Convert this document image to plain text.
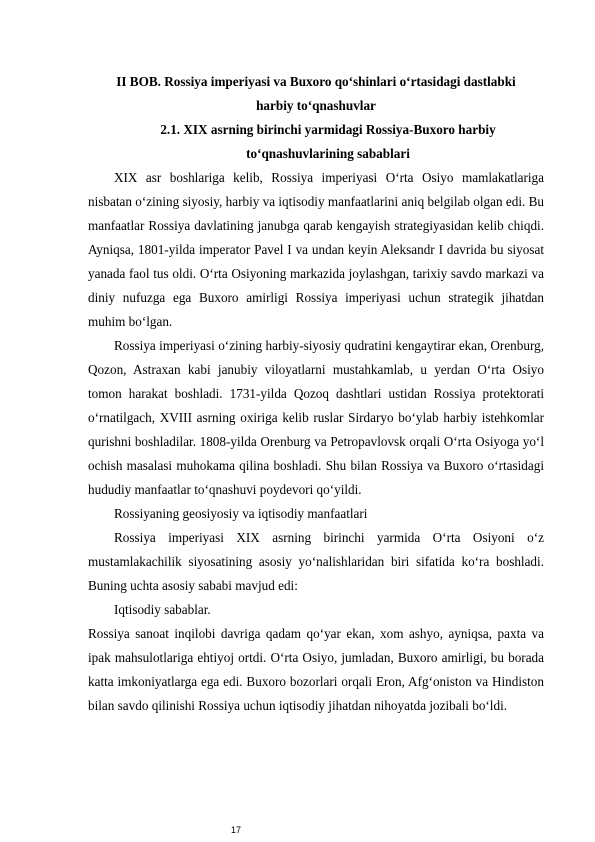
II BOB. Rossiya imperiyasi va Buxoro qo‘shinlari o‘rtasidagi dastlabki harbiy to‘qnashuvlar
2.1. XIX asrning birinchi yarmidagi Rossiya-Buxoro harbiy to‘qnashuvlarining sabablari

XIX asr boshlariga kelib, Rossiya imperiyasi O‘rta Osiyo mamlakatlariga nisbatan o‘zining siyosiy, harbiy va iqtisodiy manfaatlarini aniq belgilab olgan edi. Bu manfaatlar Rossiya davlatining janubga qarab kengayish strategiyasidan kelib chiqdi. Ayniqsa, 1801-yilda imperator Pavel I va undan keyin Aleksandr I davrida bu siyosat yanada faol tus oldi. O‘rta Osiyoning markazida joylashgan, tarixiy savdo markazi va diniy nufuzga ega Buxoro amirligi Rossiya imperiyasi uchun strategik jihatdan muhim bo‘lgan.

Rossiya imperiyasi o‘zining harbiy-siyosiy qudratini kengaytirar ekan, Orenburg, Qozon, Astraxan kabi janubiy viloyatlarni mustahkamlab, u yerdan O‘rta Osiyo tomon harakat boshladi. 1731-yilda Qozoq dashtlari ustidan Rossiya protektorati o‘rnatilgach, XVIII asrning oxiriga kelib ruslar Sirdaryo bo‘ylab harbiy istehkomlar qurishni boshladilar. 1808-yilda Orenburg va Petropavlovsk orqali O‘rta Osiyoga yo‘l ochish masalasi muhokama qilina boshladi. Shu bilan Rossiya va Buxoro o‘rtasidagi hududiy manfaatlar to‘qnashuvi poydevori qo‘yildi.

Rossiyaning geosiyosiy va iqtisodiy manfaatlari

Rossiya imperiyasi XIX asrning birinchi yarmida O‘rta Osiyoni o‘z mustamlakachilik siyosatining asosiy yo‘nalishlaridan biri sifatida ko‘ra boshladi. Buning uchta asosiy sababi mavjud edi:

Iqtisodiy sabablar.

Rossiya sanoat inqilobi davriga qadam qo‘yar ekan, xom ashyo, ayniqsa, paxta va ipak mahsulotlariga ehtiyoj ortdi. O‘rta Osiyo, jumladan, Buxoro amirligi, bu borada katta imkoniyatlarga ega edi. Buxoro bozorlari orqali Eron, Afg‘oniston va Hindiston bilan savdo qilinishi Rossiya uchun iqtisodiy jihatdan nihoyatda jozibali bo‘ldi.

17
